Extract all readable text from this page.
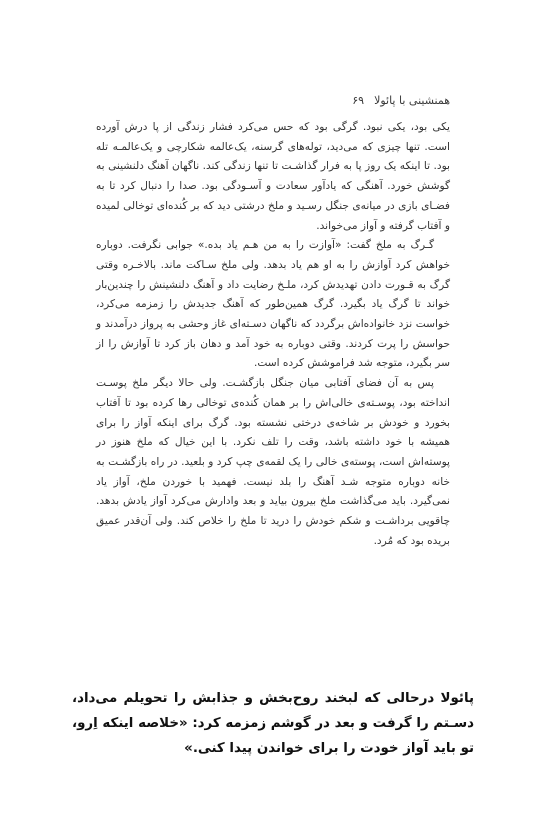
همنشینی با پائولا
۶۹

یکی بود، یکی نبود. گرگی بود که حس می‌کرد فشار زندگی از پا درش آورده است. تنها چیزی که می‌دید، توله‌های گرسنه، یک‌عالمه شکارچی و یک‌عالمـه تله بود. تا اینکه یک روز پا به فرار گذاشـت تا تنها زندگی کند. ناگهان آهنگ دلنشینی به گوشش خورد. آهنگی که یادآور سعادت و آسـودگی بود. صدا را دنبال کرد تا به فضـای بازی در میانه‌ی جنگل رسـید و ملخ درشتی دید که بر کُنده‌ای توخالی لمیده و آفتاب گرفته و آواز می‌خواند.

گـرگ به ملخ گفت: «آوازت را به من هـم یاد بده.» جوابی نگرفت. دوباره خواهش کرد آوازش را به او هم یاد بدهد. ولی ملخ سـاکت ماند. بالاخـره وقتی گرگ به قـورت دادن تهدیدش کرد، ملـخ رضایت داد و آهنگ دلنشینش را چندین‌بار خواند تا گرگ یاد بگیرد. گرگ همین‌طور که آهنگ جدیدش را زمزمه می‌کرد، خواست نزد خانواده‌اش برگردد که ناگهان دسـته‌ای غاز وحشی به پرواز درآمدند و حواسش را پرت کردند. وقتی دوباره به خود آمد و دهان باز کرد تا آوازش را از سر بگیرد، متوجه شد فراموشش کرده است.

پس به آن فضای آفتابی میان جنگل بازگشـت. ولی حالا دیگر ملخ پوسـت انداخته بود، پوسـته‌ی خالی‌اش را بر همان کُنده‌ی توخالی رها کرده بود تا آفتاب بخورد و خودش بر شاخه‌ی درختی نشسته بود. گرگ برای اینکه آواز را برای همیشه با خود داشته باشد، وقت را تلف نکرد. با این خیال که ملخ هنوز در پوسته‌اش است، پوسته‌ی خالی را یک لقمه‌ی چپ کرد و بلعید. در راه بازگشـت به خانه دوباره متوجه شـد آهنگ را بلد نیست. فهمید با خوردن ملخ، آواز یاد نمی‌گیرد. باید می‌گذاشت ملخ بیرون بیاید و بعد وادارش می‌کرد آواز یادش بدهد. چاقویی برداشـت و شکم خودش را درید تا ملخ را خلاص کند. ولی آن‌قدر عمیق بریده بود که مُرد.

پائولا درحالی که لبخند روح‌بخش و جذابش را تحویلم می‌داد، دسـتم را گرفت و بعد در گوشم زمزمه کرد: «خلاصه اینکه اِرو، تو باید آواز خودت را برای خواندن پیدا کنی.»
